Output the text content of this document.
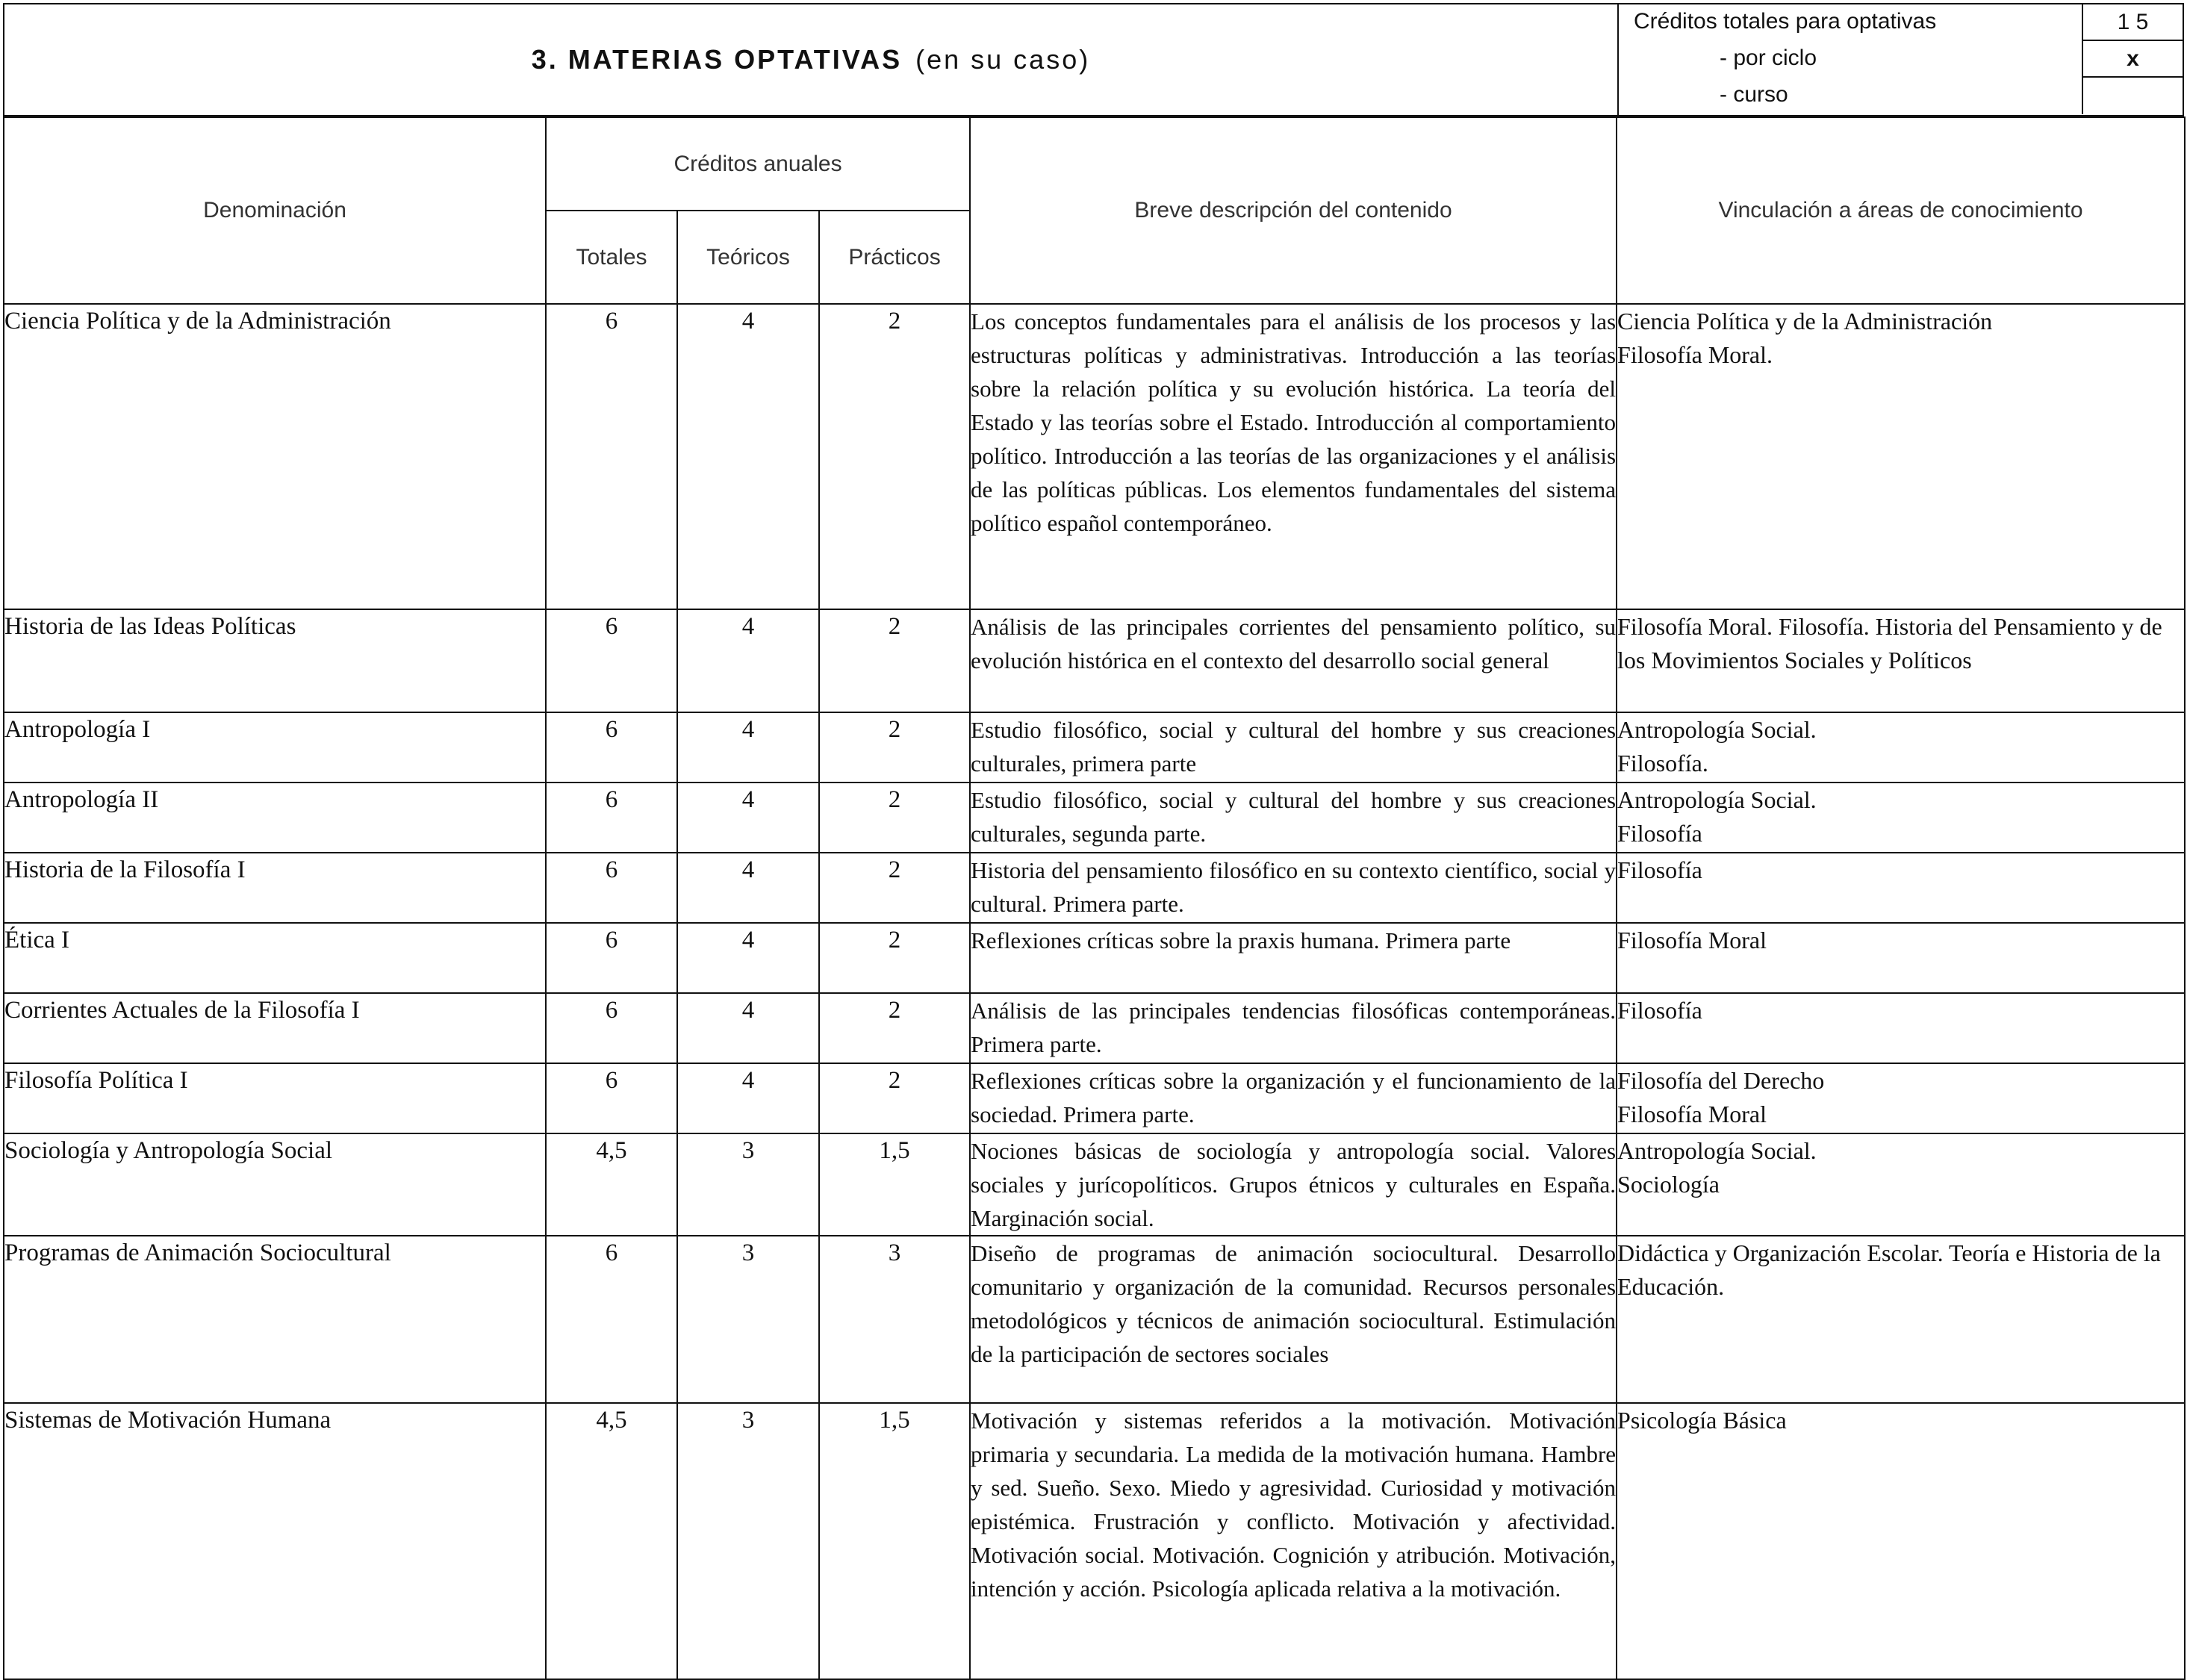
3. MATERIAS OPTATIVAS (en su caso)
Créditos totales para optativas	1 5
- por ciclo	x
- curso
Denominación	Créditos anuales			Breve descripción del contenido	Vinculación a áreas de conocimiento
	Totales	Teóricos	Prácticos		
Ciencia Política y de la Administración	6	4	2	Los conceptos fundamentales para el análisis de los procesos y las estructuras políticas y administrativas. Introducción a las teorías sobre la relación política y su evolución histórica. La teoría del Estado y las teorías sobre el Estado. Introducción al comportamiento político. Introducción a las teorías de las organizaciones y el análisis de las políticas públicas. Los elementos fundamentales del sistema político español contemporáneo.	Ciencia Política y de la Administración
Filosofía Moral.
Historia de las Ideas Políticas	6	4	2	Análisis de las principales corrientes del pensamiento político, su evolución histórica en el contexto del desarrollo social general	Filosofía Moral. Filosofía. Historia del Pensamiento y de los Movimientos Sociales y Políticos
Antropología I	6	4	2	Estudio filosófico, social y cultural del hombre y sus creaciones culturales, primera parte	Antropología Social.
Filosofía.
Antropología II	6	4	2	Estudio filosófico, social y cultural del hombre y sus creaciones culturales, segunda parte.	Antropología Social.
Filosofía
Historia de la Filosofía I	6	4	2	Historia del pensamiento filosófico en su contexto científico, social y cultural. Primera parte.	Filosofía
Ética I	6	4	2	Reflexiones críticas sobre la praxis humana. Primera parte	Filosofía Moral
Corrientes Actuales de la Filosofía I	6	4	2	Análisis de las principales tendencias filosóficas contemporáneas. Primera parte.	Filosofía
Filosofía Política I	6	4	2	Reflexiones críticas sobre la organización y el funcionamiento de la sociedad. Primera parte.	Filosofía del Derecho
Filosofía Moral
Sociología y Antropología Social	4,5	3	1,5	Nociones básicas de sociología y antropología social. Valores sociales y jurícopolíticos. Grupos étnicos y culturales en España. Marginación social.	Antropología Social.
Sociología
Programas de Animación Sociocultural	6	3	3	Diseño de programas de animación sociocultural. Desarrollo comunitario y organización de la comunidad. Recursos personales metodológicos y técnicos de animación sociocultural. Estimulación de la participación de sectores sociales	Didáctica y Organización Escolar. Teoría e Historia de la Educación.
Sistemas de Motivación Humana	4,5	3	1,5	Motivación y sistemas referidos a la motivación. Motivación primaria y secundaria. La medida de la motivación humana. Hambre y sed. Sueño. Sexo. Miedo y agresividad. Curiosidad y motivación epistémica. Frustración y conflicto. Motivación y afectividad. Motivación social. Motivación. Cognición y atribución. Motivación, intención y acción. Psicología aplicada relativa a la motivación.	Psicología Básica
